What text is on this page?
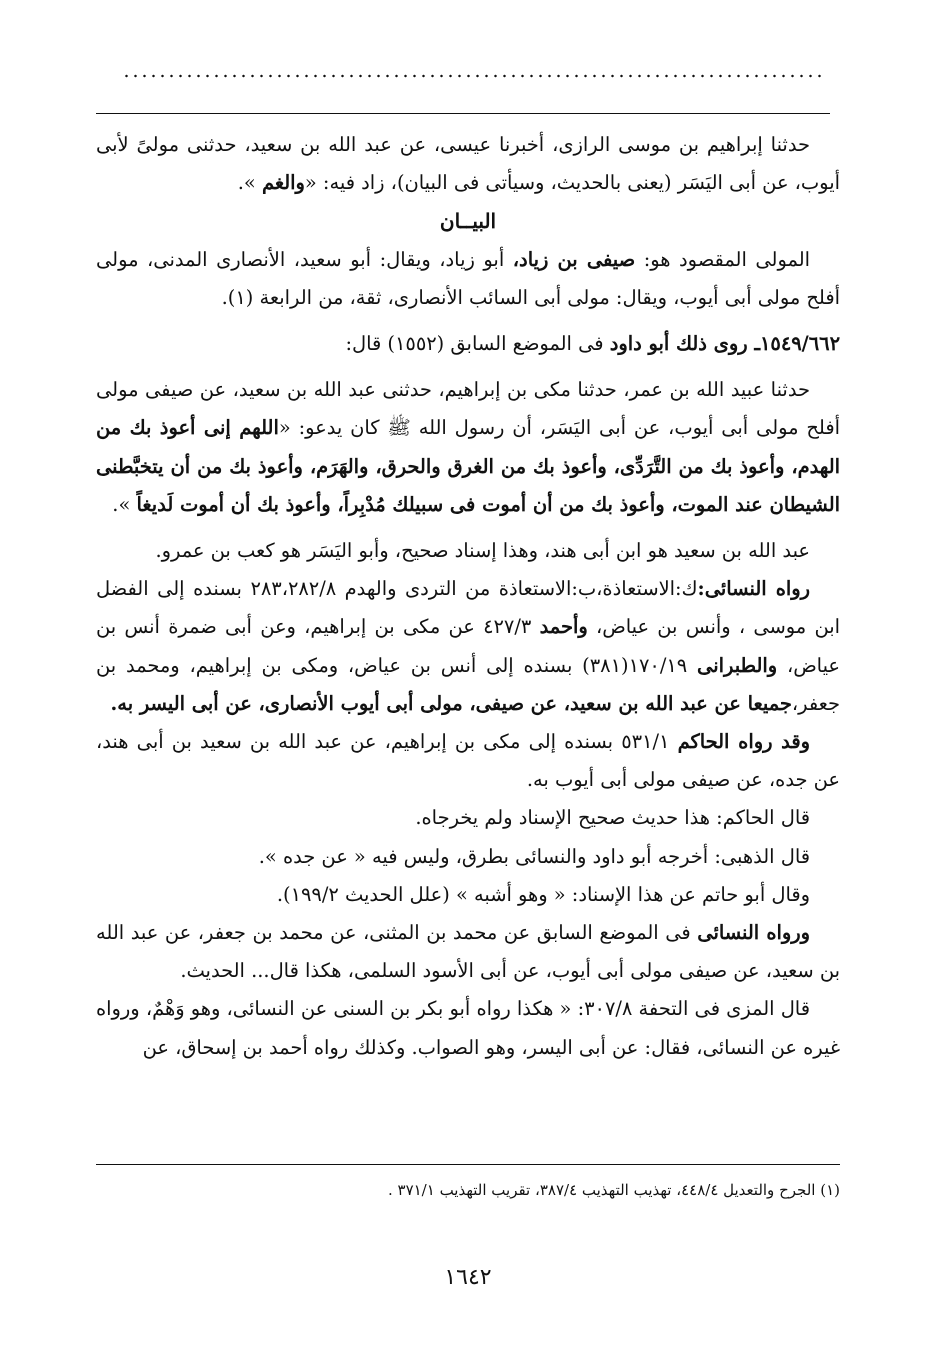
حدثنا إبراهيم بن موسى الرازى، أخبرنا عيسى، عن عبد الله بن سعيد، حدثنى مولىً لأبى أيوب، عن أبى اليَسَر (يعنى بالحديث، وسيأتى فى البيان)، زاد فيه: «والغم ».

البيــان

المولى المقصود هو: صيفى بن زياد، أبو زياد، ويقال: أبو سعيد، الأنصارى المدنى، مولى أفلح مولى أبى أيوب، ويقال: مولى أبى السائب الأنصارى، ثقة، من الرابعة (١).

١٥٤٩/٦٦٢ـ روى ذلك أبو داود فى الموضع السابق (١٥٥٢) قال:

حدثنا عبيد الله بن عمر، حدثنا مكى بن إبراهيم، حدثنى عبد الله بن سعيد، عن صيفى مولى أفلح مولى أبى أيوب، عن أبى اليَسَر، أن رسول الله ﷺ كان يدعو: «اللهم إنى أعوذ بك من الهدم، وأعوذ بك من التَّرَدِّى، وأعوذ بك من الغرق والحرق، والهَرَم، وأعوذ بك من أن يتخبَّطنى الشيطان عند الموت، وأعوذ بك من أن أموت فى سبيلك مُدْبِراً، وأعوذ بك أن أموت لَديغاً ».

عبد الله بن سعيد هو ابن أبى هند، وهذا إسناد صحيح، وأبو اليَسَر هو كعب بن عمرو.

رواه النسائى:ك:الاستعاذة،ب:الاستعاذة من التردى والهدم ٢٨٣،٢٨٢/٨ بسنده إلى الفضل ابن موسى ، وأنس بن عياض، وأحمد ٤٢٧/٣ عن مكى بن إبراهيم، وعن أبى ضمرة أنس بن عياض، والطبرانى ١٧٠/١٩(٣٨١) بسنده إلى أنس بن عياض، ومكى بن إبراهيم، ومحمد بن جعفر،جميعا عن عبد الله بن سعيد، عن صيفى، مولى أبى أيوب الأنصارى، عن أبى اليسر به.

وقد رواه الحاكم ٥٣١/١ بسنده إلى مكى بن إبراهيم، عن عبد الله بن سعيد بن أبى هند، عن جده، عن صيفى مولى أبى أيوب به.

قال الحاكم: هذا حديث صحيح الإسناد ولم يخرجاه.

قال الذهبى: أخرجه أبو داود والنسائى بطرق، وليس فيه « عن جده ».

وقال أبو حاتم عن هذا الإسناد: « وهو أشبه » (علل الحديث ١٩٩/٢).

ورواه النسائى فى الموضع السابق عن محمد بن المثنى، عن محمد بن جعفر، عن عبد الله بن سعيد، عن صيفى مولى أبى أيوب، عن أبى الأسود السلمى، هكذا قال... الحديث.

قال المزى فى التحفة ٣٠٧/٨: « هكذا رواه أبو بكر بن السنى عن النسائى، وهو وَهْمٌ، ورواه غيره عن النسائى، فقال: عن أبى اليسر، وهو الصواب. وكذلك رواه أحمد بن إسحاق، عن

(١) الجرح والتعديل ٤٤٨/٤، تهذيب التهذيب ٣٨٧/٤، تقريب التهذيب ٣٧١/١ .
١٦٤٢
